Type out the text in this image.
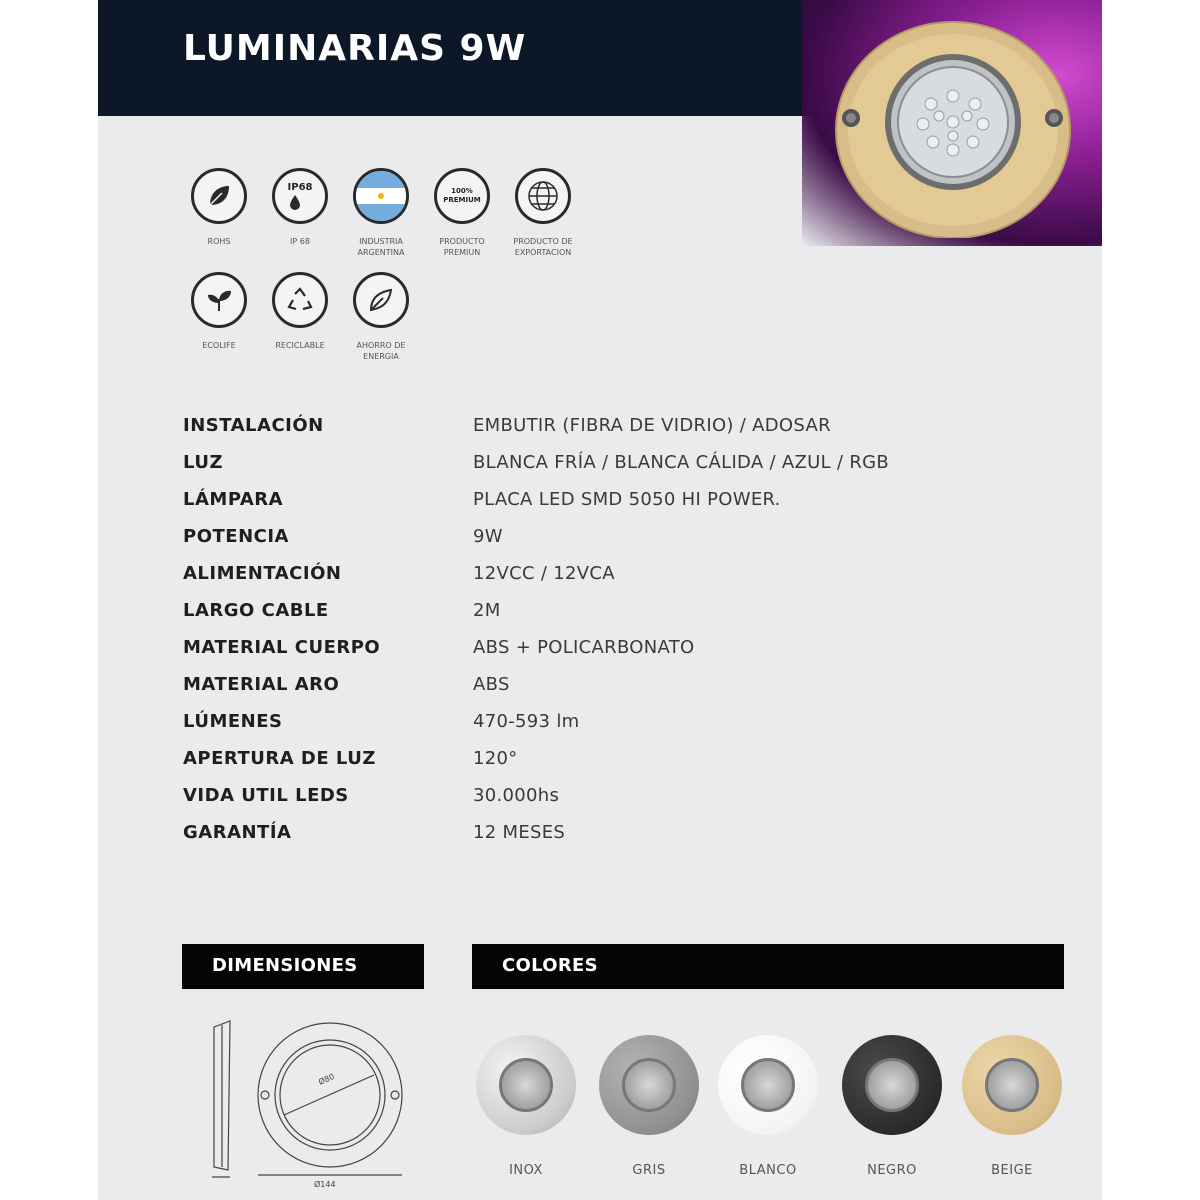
LUMINARIAS 9W
ROHS
IP68
IP 68	INDUSTRIA ARGENTINA
100% PREMIUM
PRODUCTO PREMIUN
PRODUCTO DE EXPORTACION
ECOLIFE	RECICLABLE	AHORRO DE ENERGIA
INSTALACIÓN	EMBUTIR (FIBRA DE VIDRIO) / ADOSAR
LUZ	BLANCA FRÍA / BLANCA CÁLIDA / AZUL / RGB
LÁMPARA	PLACA LED SMD 5050 HI POWER.
POTENCIA	9W
ALIMENTACIÓN	12VCC / 12VCA
LARGO CABLE	2M
MATERIAL CUERPO	ABS + POLICARBONATO
MATERIAL ARO	ABS
LÚMENES	470-593 lm
APERTURA DE LUZ	120°
VIDA UTIL LEDS	30.000hs
GARANTÍA	12 MESES
DIMENSIONES	COLORES
Ø80
Ø144
INOX	GRIS	BLANCO	NEGRO	BEIGE
